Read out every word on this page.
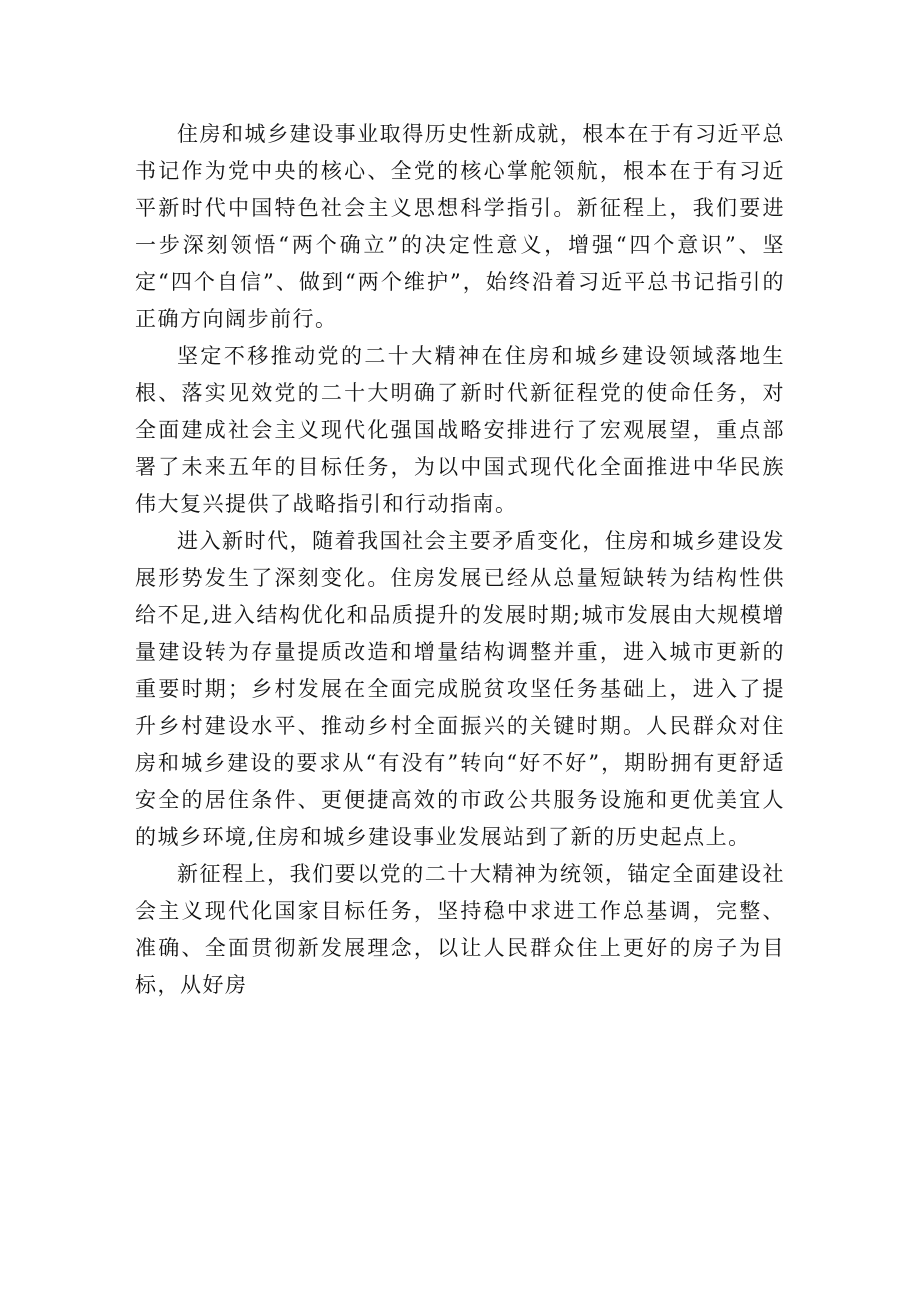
住房和城乡建设事业取得历史性新成就，根本在于有习近平总书记作为党中央的核心、全党的核心掌舵领航，根本在于有习近平新时代中国特色社会主义思想科学指引。新征程上，我们要进一步深刻领悟“两个确立”的决定性意义，增强“四个意识”、坚定“四个自信”、做到“两个维护”，始终沿着习近平总书记指引的正确方向阔步前行。

坚定不移推动党的二十大精神在住房和城乡建设领域落地生根、落实见效党的二十大明确了新时代新征程党的使命任务，对全面建成社会主义现代化强国战略安排进行了宏观展望，重点部署了未来五年的目标任务，为以中国式现代化全面推进中华民族伟大复兴提供了战略指引和行动指南。

进入新时代，随着我国社会主要矛盾变化，住房和城乡建设发展形势发生了深刻变化。住房发展已经从总量短缺转为结构性供给不足,进入结构优化和品质提升的发展时期;城市发展由大规模增量建设转为存量提质改造和增量结构调整并重，进入城市更新的重要时期；乡村发展在全面完成脱贫攻坚任务基础上，进入了提升乡村建设水平、推动乡村全面振兴的关键时期。人民群众对住房和城乡建设的要求从“有没有”转向“好不好”，期盼拥有更舒适安全的居住条件、更便捷高效的市政公共服务设施和更优美宜人的城乡环境,住房和城乡建设事业发展站到了新的历史起点上。

新征程上，我们要以党的二十大精神为统领，锚定全面建设社会主义现代化国家目标任务，坚持稳中求进工作总基调，完整、准确、全面贯彻新发展理念，以让人民群众住上更好的房子为目标，从好房
